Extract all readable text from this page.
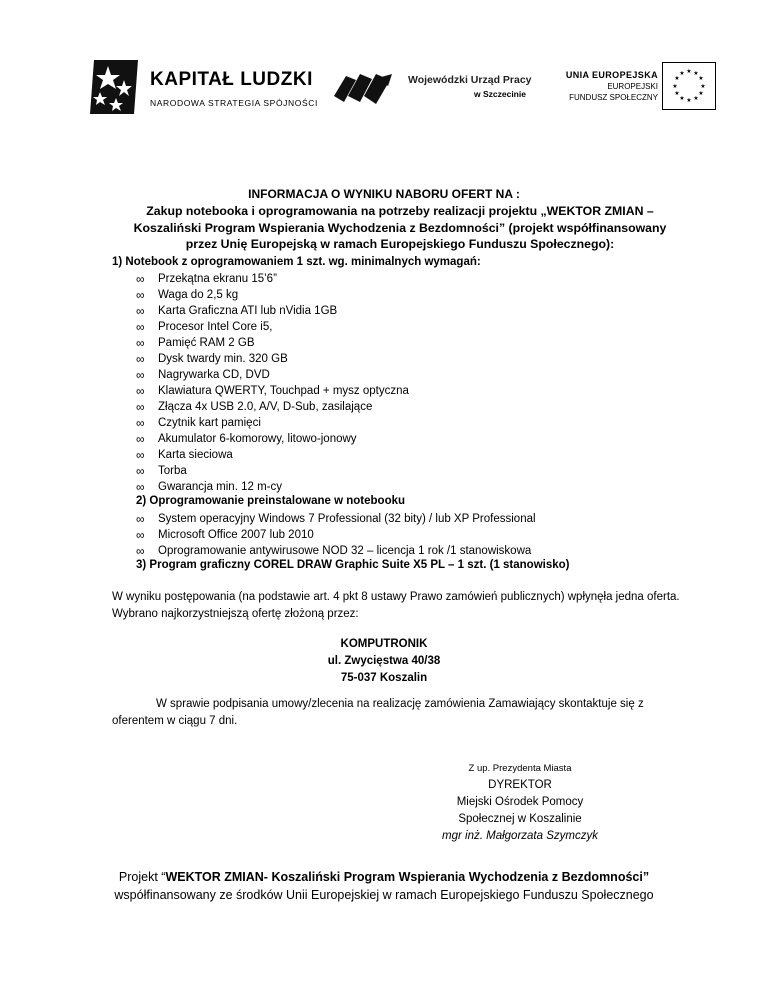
KAPITAŁ LUDZKI
NARODOWA STRATEGIA SPÓJNOŚCI
Wojewódzki Urząd Pracy
w Szczecinie
UNIA EUROPEJSKA
EUROPEJSKI
FUNDUSZ SPOŁECZNY
★ ★
★
★
★
★
★
★
★
★
★
★
INFORMACJA O WYNIKU NABORU OFERT NA :
Zakup notebooka i oprogramowania na potrzeby realizacji projektu „WEKTOR ZMIAN – Koszaliński Program Wspierania Wychodzenia z Bezdomności” (projekt współfinansowany przez Unię Europejską w ramach Europejskiego Funduszu Społecznego):
1) Notebook z oprogramowaniem 1 szt. wg. minimalnych wymagań:
∞ Przekątna ekranu 15’6”
∞ Waga do 2,5 kg
∞ Karta Graficzna ATI lub nVidia 1GB
∞ Procesor Intel Core i5,
∞ Pamięć RAM 2 GB
∞ Dysk twardy min. 320 GB
∞ Nagrywarka CD, DVD
∞ Klawiatura QWERTY, Touchpad + mysz optyczna
∞ Złącza 4x USB 2.0, A/V, D-Sub, zasilające
∞ Czytnik kart pamięci
∞ Akumulator 6-komorowy, litowo-jonowy
∞ Karta sieciowa
∞ Torba
∞ Gwarancja min. 12 m-cy
2) Oprogramowanie preinstalowane w notebooku
∞ System operacyjny Windows 7 Professional (32 bity) / lub XP Professional
∞ Microsoft Office 2007 lub 2010
∞ Oprogramowanie antywirusowe NOD 32 – licencja 1 rok /1 stanowiskowa
3) Program graficzny COREL DRAW Graphic Suite X5 PL – 1 szt. (1 stanowisko)
W wyniku postępowania (na podstawie art. 4 pkt 8 ustawy Prawo zamówień publicznych) wpłynęła jedna oferta. Wybrano najkorzystniejszą ofertę złożoną przez:
KOMPUTRONIK
ul. Zwycięstwa 40/38
75-037 Koszalin
W sprawie podpisania umowy/zlecenia na realizację zamówienia Zamawiający skontaktuje się z oferentem w ciągu 7 dni.
Z up. Prezydenta Miasta
DYREKTOR
Miejski Ośrodek Pomocy
Społecznej w Koszalinie
mgr inż. Małgorzata Szymczyk
Projekt “WEKTOR ZMIAN- Koszaliński Program Wspierania Wychodzenia z Bezdomności”
współfinansowany ze środków Unii Europejskiej w ramach Europejskiego Funduszu Społecznego
